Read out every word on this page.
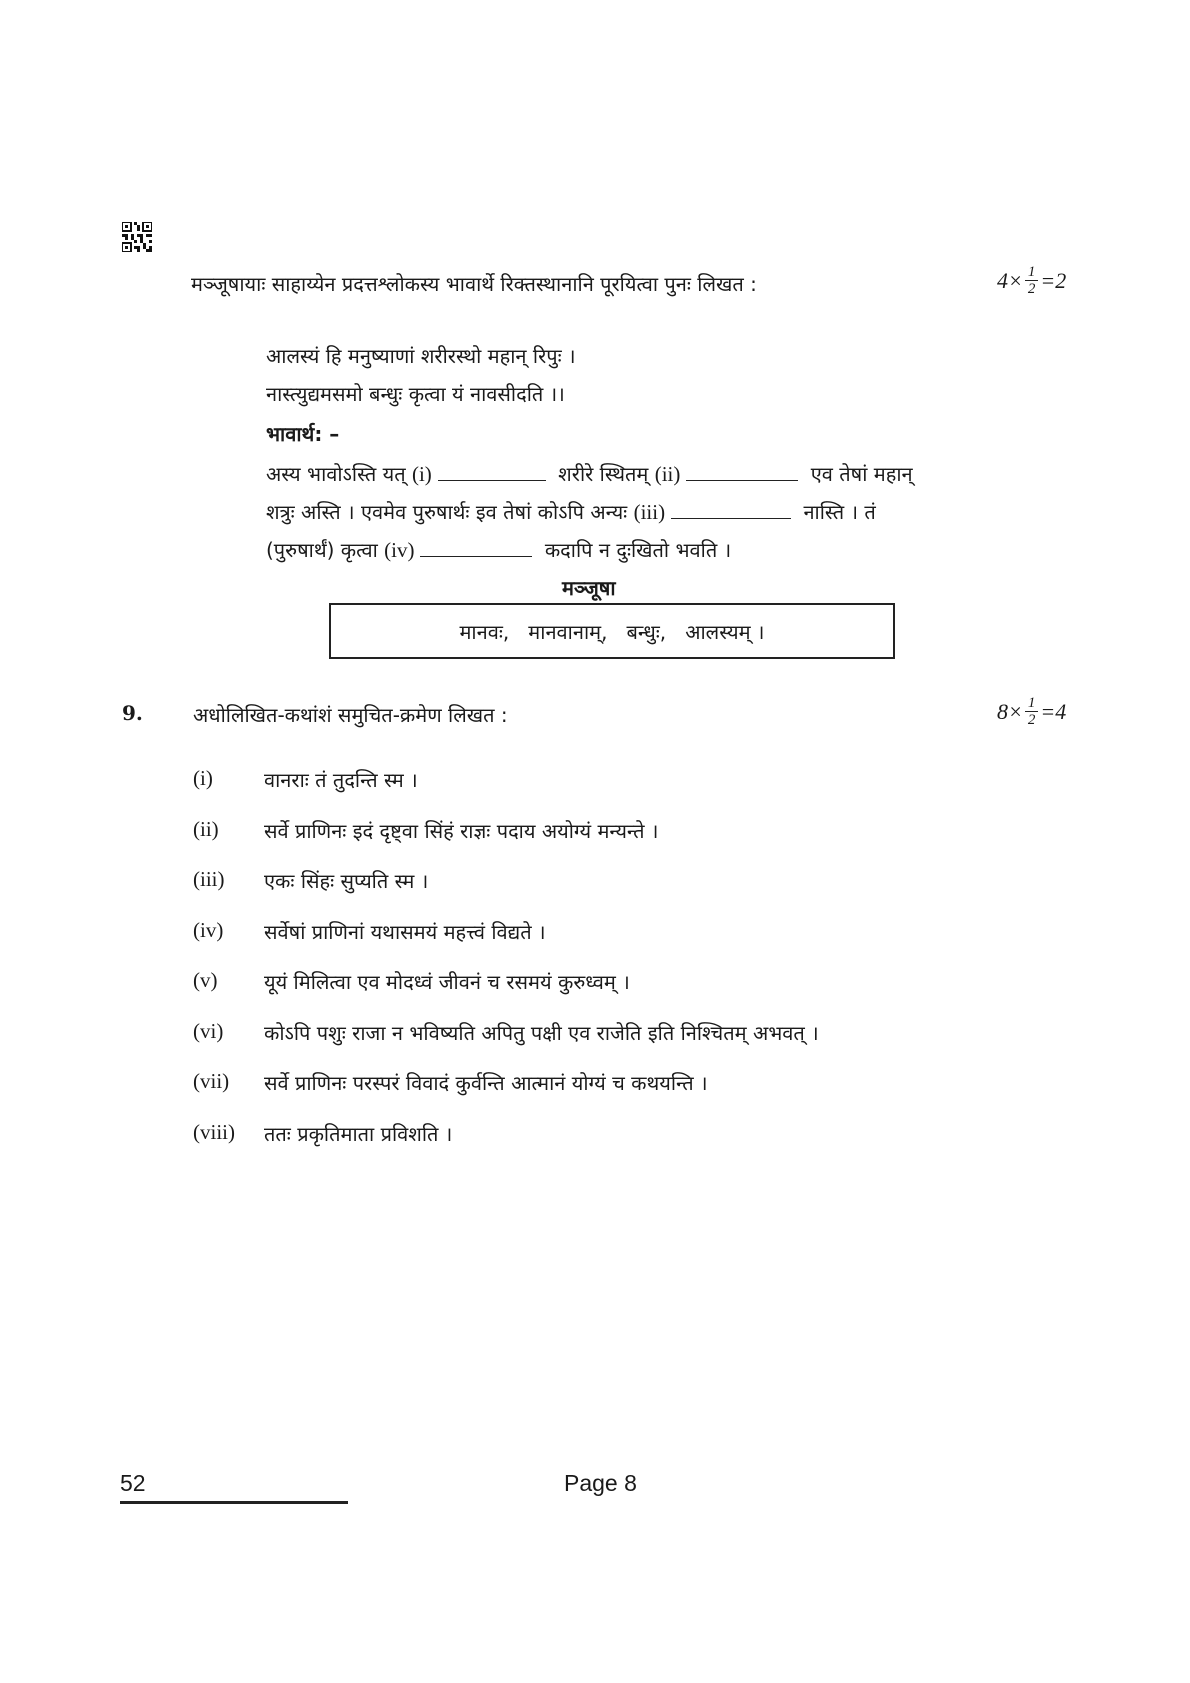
मञ्जूषायाः साहाय्येन प्रदत्तश्लोकस्य भावार्थे रिक्तस्थानानि पूरयित्वा पुनः लिखत :	$4\times \frac{1}{2} =2$
आलस्यं हि मनुष्याणां शरीरस्थो महान् रिपुः ।
नास्त्युद्यमसमो बन्धुः कृत्वा यं नावसीदति ।।
भावार्थ: –
अस्य भावोऽस्ति यत् (i)	शरीरे स्थितम् (ii)	एव तेषां महान्
शत्रुः अस्ति । एवमेव पुरुषार्थः इव तेषां कोऽपि अन्यः (iii)	नास्ति । तं
(पुरुषार्थं) कृत्वा (iv)	कदापि न दुःखितो भवति ।
मञ्जूषा
मानवः,   मानवानाम्,   बन्धुः,   आलस्यम् ।
9.	अधोलिखित-कथांशं समुचित-क्रमेण लिखत :	$8\times \frac{1}{2} =4$
(i)	वानराः तं तुदन्ति स्म ।
(ii) सर्वे प्राणिनः इदं दृष्ट्वा सिंहं राज्ञः पदाय अयोग्यं मन्यन्ते ।
(iii) एकः सिंहः सुप्यति स्म ।
(iv) सर्वेषां प्राणिनां यथासमयं महत्त्वं विद्यते ।
(v) यूयं मिलित्वा एव मोदध्वं जीवनं च रसमयं कुरुध्वम् ।
(vi) कोऽपि पशुः राजा न भविष्यति अपितु पक्षी एव राजेति इति निश्चितम् अभवत् ।
(vii) सर्वे प्राणिनः परस्परं विवादं कुर्वन्ति आत्मानं योग्यं च कथयन्ति ।
(viii) ततः प्रकृतिमाता प्रविशति ।
52	Page 8
